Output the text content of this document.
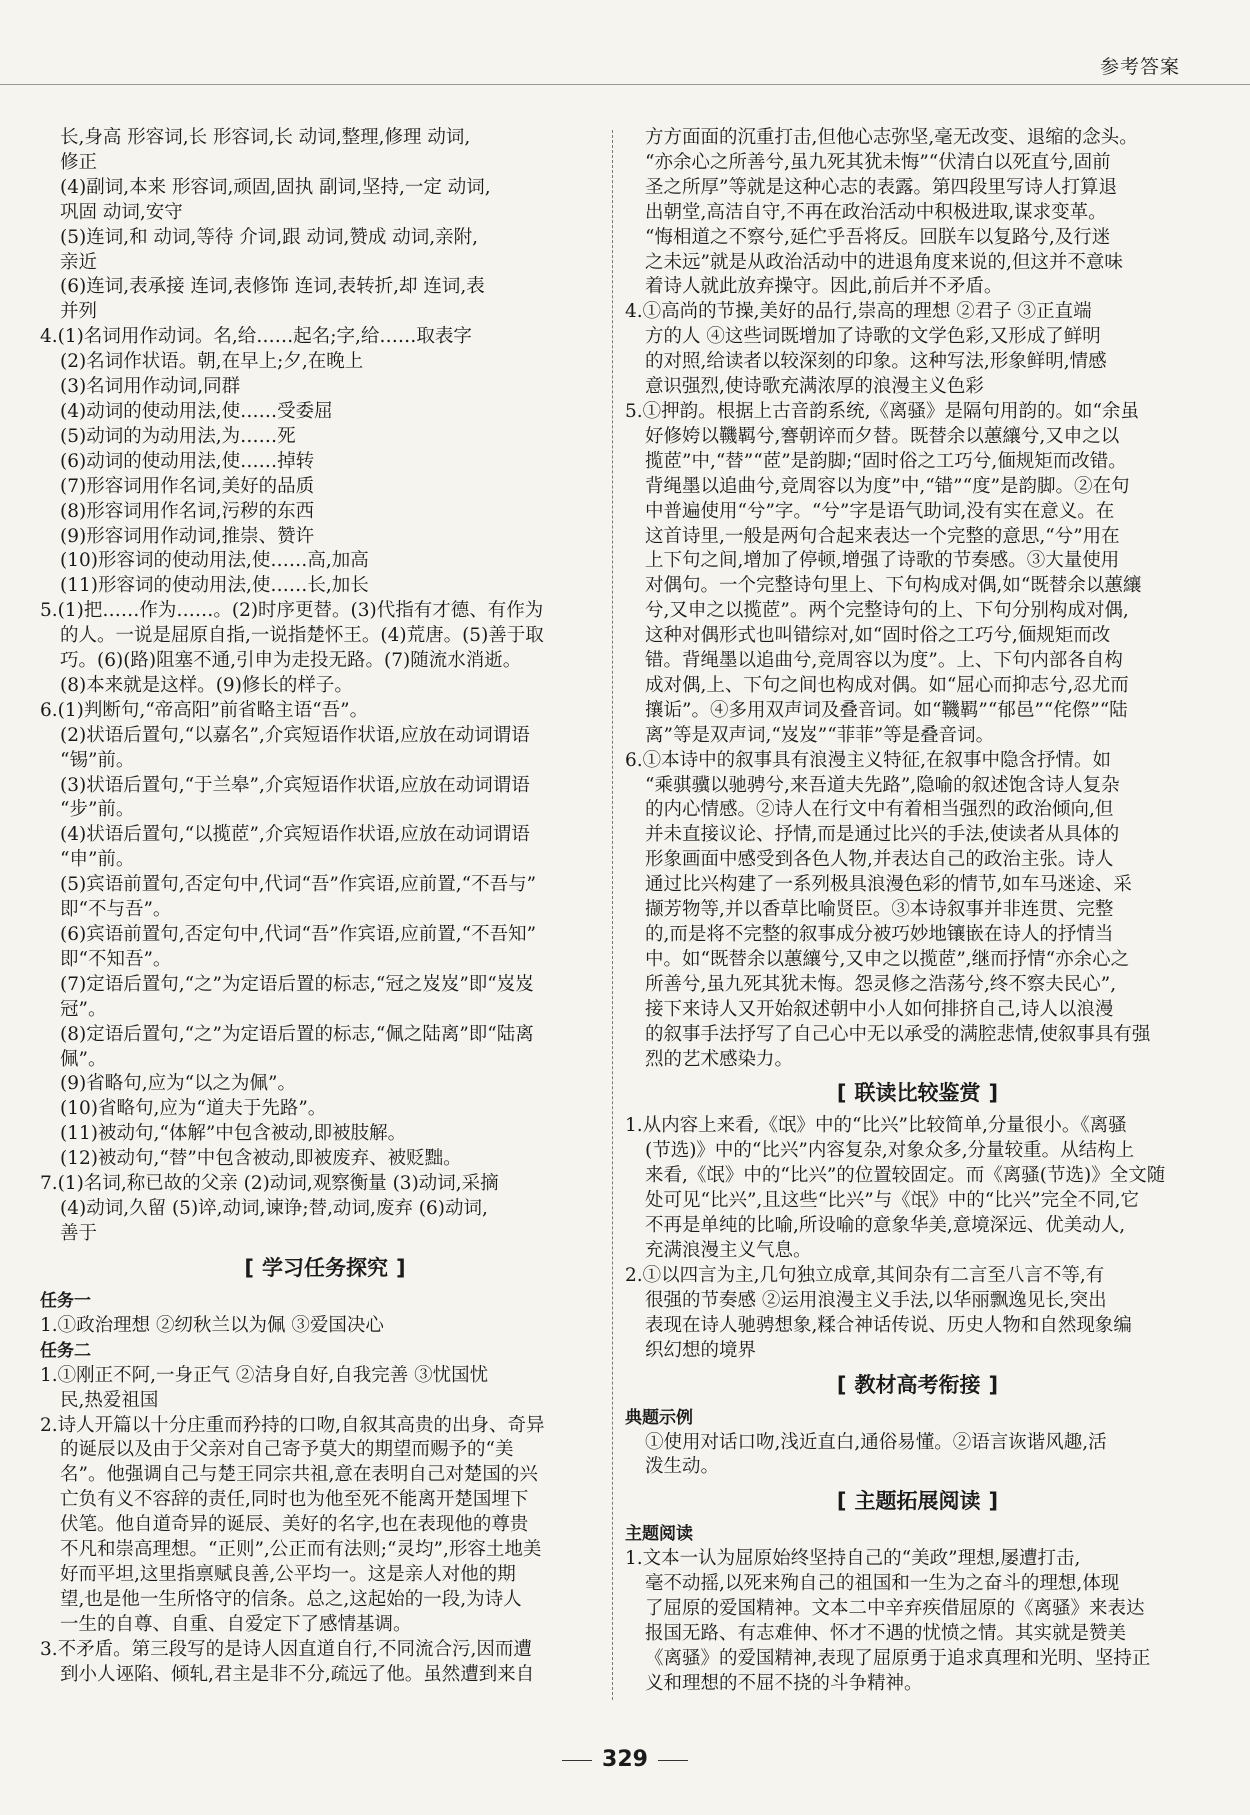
参考答案
长,身高 形容词,长 形容词,长 动词,整理,修理 动词,
修正
(4)副词,本来 形容词,顽固,固执 副词,坚持,一定 动词,
巩固 动词,安守
(5)连词,和 动词,等待 介词,跟 动词,赞成 动词,亲附,
亲近
(6)连词,表承接 连词,表修饰 连词,表转折,却 连词,表
并列
4.(1)名词用作动词。名,给……起名;字,给……取表字
(2)名词作状语。朝,在早上;夕,在晚上
(3)名词用作动词,同群
(4)动词的使动用法,使……受委屈
(5)动词的为动用法,为……死
(6)动词的使动用法,使……掉转
(7)形容词用作名词,美好的品质
(8)形容词用作名词,污秽的东西
(9)形容词用作动词,推崇、赞许
(10)形容词的使动用法,使……高,加高
(11)形容词的使动用法,使……长,加长
5.(1)把……作为……。(2)时序更替。(3)代指有才德、有作为
的人。一说是屈原自指,一说指楚怀王。(4)荒唐。(5)善于取
巧。(6)(路)阻塞不通,引申为走投无路。(7)随流水消逝。
(8)本来就是这样。(9)修长的样子。
6.(1)判断句,“帝高阳”前省略主语“吾”。
(2)状语后置句,“以嘉名”,介宾短语作状语,应放在动词谓语
“锡”前。
(3)状语后置句,“于兰皋”,介宾短语作状语,应放在动词谓语
“步”前。
(4)状语后置句,“以揽茝”,介宾短语作状语,应放在动词谓语
“申”前。
(5)宾语前置句,否定句中,代词“吾”作宾语,应前置,“不吾与”
即“不与吾”。
(6)宾语前置句,否定句中,代词“吾”作宾语,应前置,“不吾知”
即“不知吾”。
(7)定语后置句,“之”为定语后置的标志,“冠之岌岌”即“岌岌
冠”。
(8)定语后置句,“之”为定语后置的标志,“佩之陆离”即“陆离
佩”。
(9)省略句,应为“以之为佩”。
(10)省略句,应为“道夫于先路”。
(11)被动句,“体解”中包含被动,即被肢解。
(12)被动句,“替”中包含被动,即被废弃、被贬黜。
7.(1)名词,称已故的父亲 (2)动词,观察衡量 (3)动词,采摘
(4)动词,久留 (5)谇,动词,谏诤;替,动词,废弃 (6)动词,
善于
[ 学习任务探究 ]
任务一
1.①政治理想 ②纫秋兰以为佩 ③爱国决心
任务二
1.①刚正不阿,一身正气 ②洁身自好,自我完善 ③忧国忧
民,热爱祖国
2.诗人开篇以十分庄重而矜持的口吻,自叙其高贵的出身、奇异
的诞辰以及由于父亲对自己寄予莫大的期望而赐予的“美
名”。他强调自己与楚王同宗共祖,意在表明自己对楚国的兴
亡负有义不容辞的责任,同时也为他至死不能离开楚国埋下
伏笔。他自道奇异的诞辰、美好的名字,也在表现他的尊贵
不凡和崇高理想。“正则”,公正而有法则;“灵均”,形容土地美
好而平坦,这里指禀赋良善,公平均一。这是亲人对他的期
望,也是他一生所恪守的信条。总之,这起始的一段,为诗人
一生的自尊、自重、自爱定下了感情基调。
3.不矛盾。第三段写的是诗人因直道自行,不同流合污,因而遭
到小人诬陷、倾轧,君主是非不分,疏远了他。虽然遭到来自
方方面面的沉重打击,但他心志弥坚,毫无改变、退缩的念头。
“亦余心之所善兮,虽九死其犹未悔”“伏清白以死直兮,固前
圣之所厚”等就是这种心志的表露。第四段里写诗人打算退
出朝堂,高洁自守,不再在政治活动中积极进取,谋求变革。
“悔相道之不察兮,延伫乎吾将反。回朕车以复路兮,及行迷
之未远”就是从政治活动中的进退角度来说的,但这并不意味
着诗人就此放弃操守。因此,前后并不矛盾。
4.①高尚的节操,美好的品行,崇高的理想 ②君子 ③正直端
方的人 ④这些词既增加了诗歌的文学色彩,又形成了鲜明
的对照,给读者以较深刻的印象。这种写法,形象鲜明,情感
意识强烈,使诗歌充满浓厚的浪漫主义色彩
5.①押韵。根据上古音韵系统,《离骚》是隔句用韵的。如“余虽
好修姱以鞿羁兮,謇朝谇而夕替。既替余以蕙纕兮,又申之以
揽茝”中,“替”“茝”是韵脚;“固时俗之工巧兮,偭规矩而改错。
背绳墨以追曲兮,竞周容以为度”中,“错”“度”是韵脚。②在句
中普遍使用“兮”字。“兮”字是语气助词,没有实在意义。在
这首诗里,一般是两句合起来表达一个完整的意思,“兮”用在
上下句之间,增加了停顿,增强了诗歌的节奏感。③大量使用
对偶句。一个完整诗句里上、下句构成对偶,如“既替余以蕙纕
兮,又申之以揽茝”。两个完整诗句的上、下句分别构成对偶,
这种对偶形式也叫错综对,如“固时俗之工巧兮,偭规矩而改
错。背绳墨以追曲兮,竞周容以为度”。上、下句内部各自构
成对偶,上、下句之间也构成对偶。如“屈心而抑志兮,忍尤而
攘诟”。④多用双声词及叠音词。如“鞿羁”“郁邑”“侘傺”“陆
离”等是双声词,“岌岌”“菲菲”等是叠音词。
6.①本诗中的叙事具有浪漫主义特征,在叙事中隐含抒情。如
“乘骐骥以驰骋兮,来吾道夫先路”,隐喻的叙述饱含诗人复杂
的内心情感。②诗人在行文中有着相当强烈的政治倾向,但
并未直接议论、抒情,而是通过比兴的手法,使读者从具体的
形象画面中感受到各色人物,并表达自己的政治主张。诗人
通过比兴构建了一系列极具浪漫色彩的情节,如车马迷途、采
撷芳物等,并以香草比喻贤臣。③本诗叙事并非连贯、完整
的,而是将不完整的叙事成分被巧妙地镶嵌在诗人的抒情当
中。如“既替余以蕙纕兮,又申之以揽茝”,继而抒情“亦余心之
所善兮,虽九死其犹未悔。怨灵修之浩荡兮,终不察夫民心”,
接下来诗人又开始叙述朝中小人如何排挤自己,诗人以浪漫
的叙事手法抒写了自己心中无以承受的满腔悲情,使叙事具有强
烈的艺术感染力。
[ 联读比较鉴赏 ]
1.从内容上来看,《氓》中的“比兴”比较简单,分量很小。《离骚
(节选)》中的“比兴”内容复杂,对象众多,分量较重。从结构上
来看,《氓》中的“比兴”的位置较固定。而《离骚(节选)》全文随
处可见“比兴”,且这些“比兴”与《氓》中的“比兴”完全不同,它
不再是单纯的比喻,所设喻的意象华美,意境深远、优美动人,
充满浪漫主义气息。
2.①以四言为主,几句独立成章,其间杂有二言至八言不等,有
很强的节奏感 ②运用浪漫主义手法,以华丽飘逸见长,突出
表现在诗人驰骋想象,糅合神话传说、历史人物和自然现象编
织幻想的境界
[ 教材高考衔接 ]
典题示例
①使用对话口吻,浅近直白,通俗易懂。②语言诙谐风趣,活
泼生动。
[ 主题拓展阅读 ]
主题阅读
1.文本一认为屈原始终坚持自己的“美政”理想,屡遭打击,
毫不动摇,以死来殉自己的祖国和一生为之奋斗的理想,体现
了屈原的爱国精神。文本二中辛弃疾借屈原的《离骚》来表达
报国无路、有志难伸、怀才不遇的忧愤之情。其实就是赞美
《离骚》的爱国精神,表现了屈原勇于追求真理和光明、坚持正
义和理想的不屈不挠的斗争精神。
329
